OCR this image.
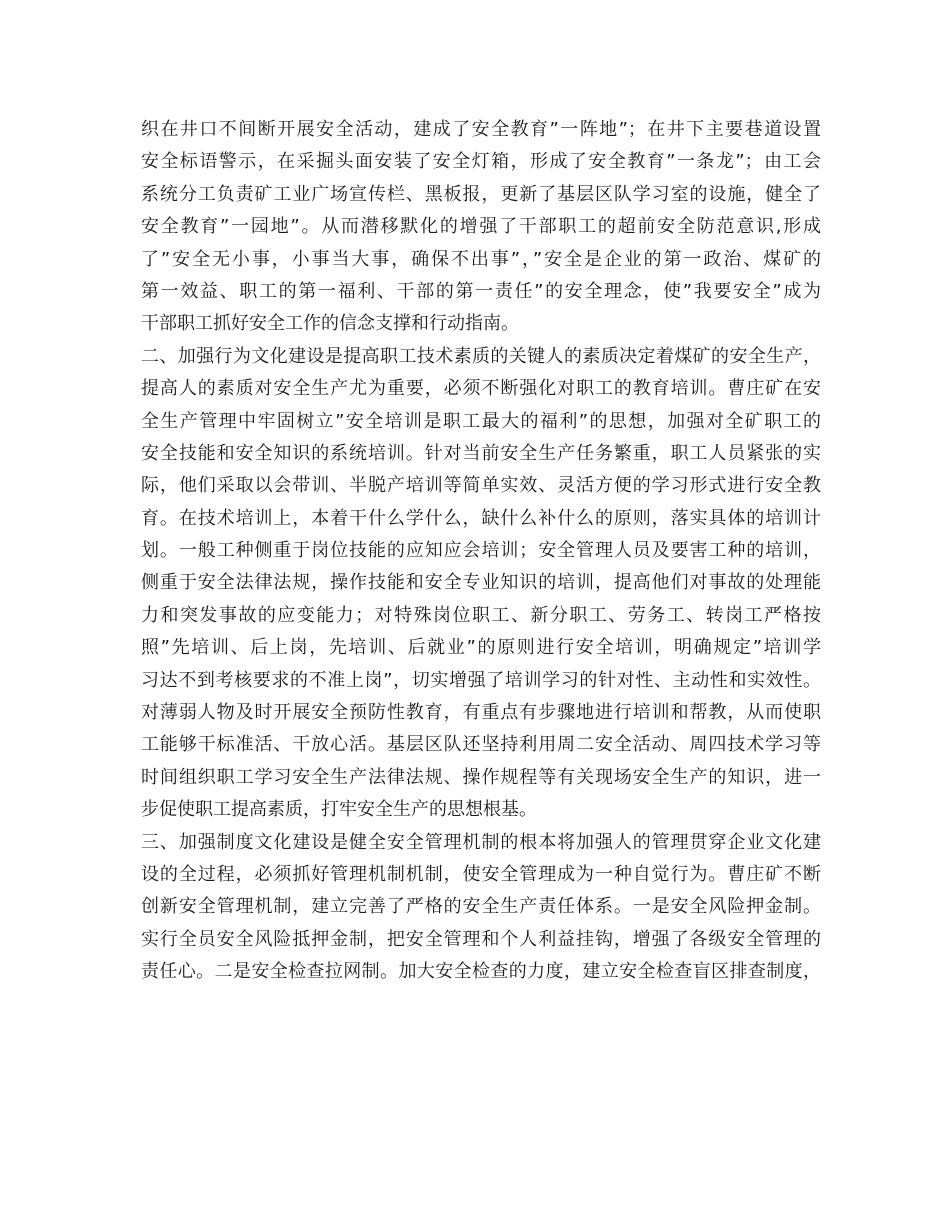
织在井口不间断开展安全活动，建成了安全教育”一阵地”；在井下主要巷道设置
安全标语警示，在采掘头面安装了安全灯箱，形成了安全教育”一条龙”；由工会
系统分工负责矿工业广场宣传栏、黑板报，更新了基层区队学习室的设施，健全了
安全教育”一园地”。从而潜移默化的增强了干部职工的超前安全防范意识,形成
了”安全无小事，小事当大事，确保不出事”，”安全是企业的第一政治、煤矿的
第一效益、职工的第一福利、干部的第一责任”的安全理念，使”我要安全”成为
干部职工抓好安全工作的信念支撑和行动指南。
二、加强行为文化建设是提高职工技术素质的关键人的素质决定着煤矿的安全生产，
提高人的素质对安全生产尤为重要，必须不断强化对职工的教育培训。曹庄矿在安
全生产管理中牢固树立”安全培训是职工最大的福利”的思想，加强对全矿职工的
安全技能和安全知识的系统培训。针对当前安全生产任务繁重，职工人员紧张的实
际，他们采取以会带训、半脱产培训等简单实效、灵活方便的学习形式进行安全教
育。在技术培训上，本着干什么学什么，缺什么补什么的原则，落实具体的培训计
划。一般工种侧重于岗位技能的应知应会培训；安全管理人员及要害工种的培训，
侧重于安全法律法规，操作技能和安全专业知识的培训，提高他们对事故的处理能
力和突发事故的应变能力；对特殊岗位职工、新分职工、劳务工、转岗工严格按
照”先培训、后上岗，先培训、后就业”的原则进行安全培训，明确规定”培训学
习达不到考核要求的不准上岗”，切实增强了培训学习的针对性、主动性和实效性。
对薄弱人物及时开展安全预防性教育，有重点有步骤地进行培训和帮教，从而使职
工能够干标准活、干放心活。基层区队还坚持利用周二安全活动、周四技术学习等
时间组织职工学习安全生产法律法规、操作规程等有关现场安全生产的知识，进一
步促使职工提高素质，打牢安全生产的思想根基。
三、加强制度文化建设是健全安全管理机制的根本将加强人的管理贯穿企业文化建
设的全过程，必须抓好管理机制机制，使安全管理成为一种自觉行为。曹庄矿不断
创新安全管理机制，建立完善了严格的安全生产责任体系。一是安全风险押金制。
实行全员安全风险抵押金制，把安全管理和个人利益挂钩，增强了各级安全管理的
责任心。二是安全检查拉网制。加大安全检查的力度，建立安全检查盲区排查制度，
